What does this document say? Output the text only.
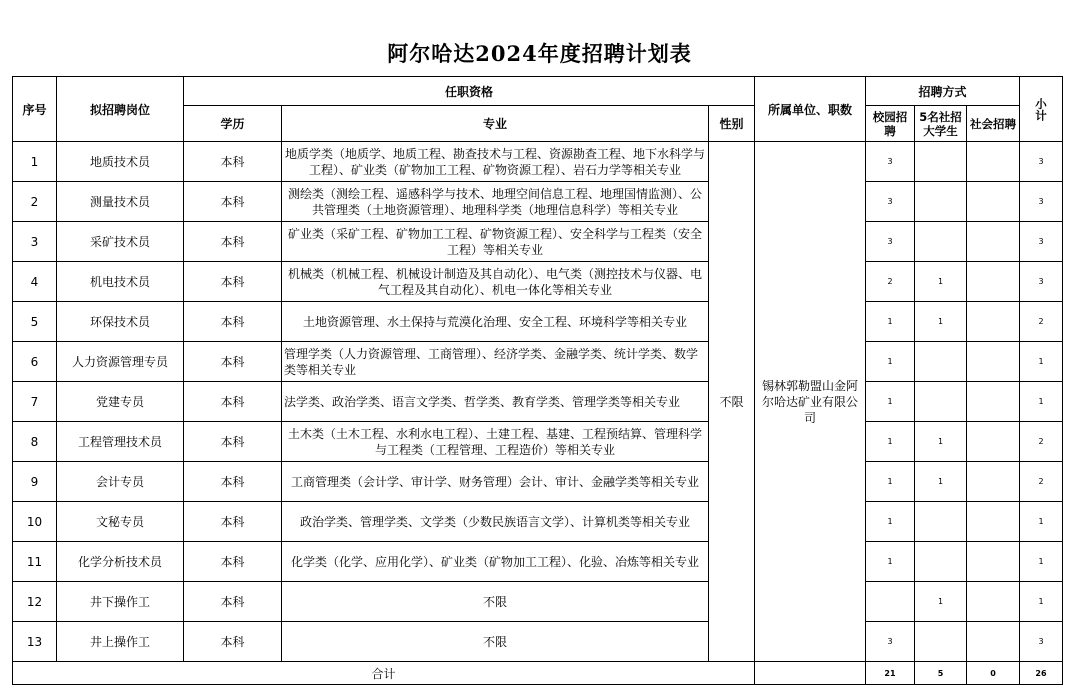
阿尔哈达2024年度招聘计划表
序号	拟招聘岗位	任职资格			所属单位、职数	招聘方式			小计
		学历	专业	性别		校园招聘	5名社招大学生	社会招聘	
1	地质技术员	本科	地质学类（地质学、地质工程、勘查技术与工程、资源勘查工程、地下水科学与工程）、矿业类（矿物加工工程、矿物资源工程）、岩石力学等相关专业	不限	锡林郭勒盟山金阿尔哈达矿业有限公司	3			3
2	测量技术员	本科	测绘类（测绘工程、遥感科学与技术、地理空间信息工程、地理国情监测）、公共管理类（土地资源管理）、地理科学类（地理信息科学）等相关专业			3			3
3	采矿技术员	本科	矿业类（采矿工程、矿物加工工程、矿物资源工程）、安全科学与工程类（安全工程）等相关专业			3			3
4	机电技术员	本科	机械类（机械工程、机械设计制造及其自动化）、电气类（测控技术与仪器、电气工程及其自动化）、机电一体化等相关专业			2	1		3
5	环保技术员	本科	土地资源管理、水土保持与荒漠化治理、安全工程、环境科学等相关专业			1	1		2
6	人力资源管理专员	本科	管理学类（人力资源管理、工商管理）、经济学类、金融学类、统计学类、数学类等相关专业			1			1
7	党建专员	本科	法学类、政治学类、语言文学类、哲学类、教育学类、管理学类等相关专业			1			1
8	工程管理技术员	本科	土木类（土木工程、水利水电工程）、土建工程、基建、工程预结算、管理科学与工程类（工程管理、工程造价）等相关专业			1	1		2
9	会计专员	本科	工商管理类（会计学、审计学、财务管理）会计、审计、金融学类等相关专业			1	1		2
10	文秘专员	本科	政治学类、管理学类、文学类（少数民族语言文学）、计算机类等相关专业			1			1
11	化学分析技术员	本科	化学类（化学、应用化学）、矿业类（矿物加工工程）、化验、冶炼等相关专业			1			1
12	井下操作工	本科	不限				1		1
13	井上操作工	本科	不限			3			3
合计						21	5	0	26
